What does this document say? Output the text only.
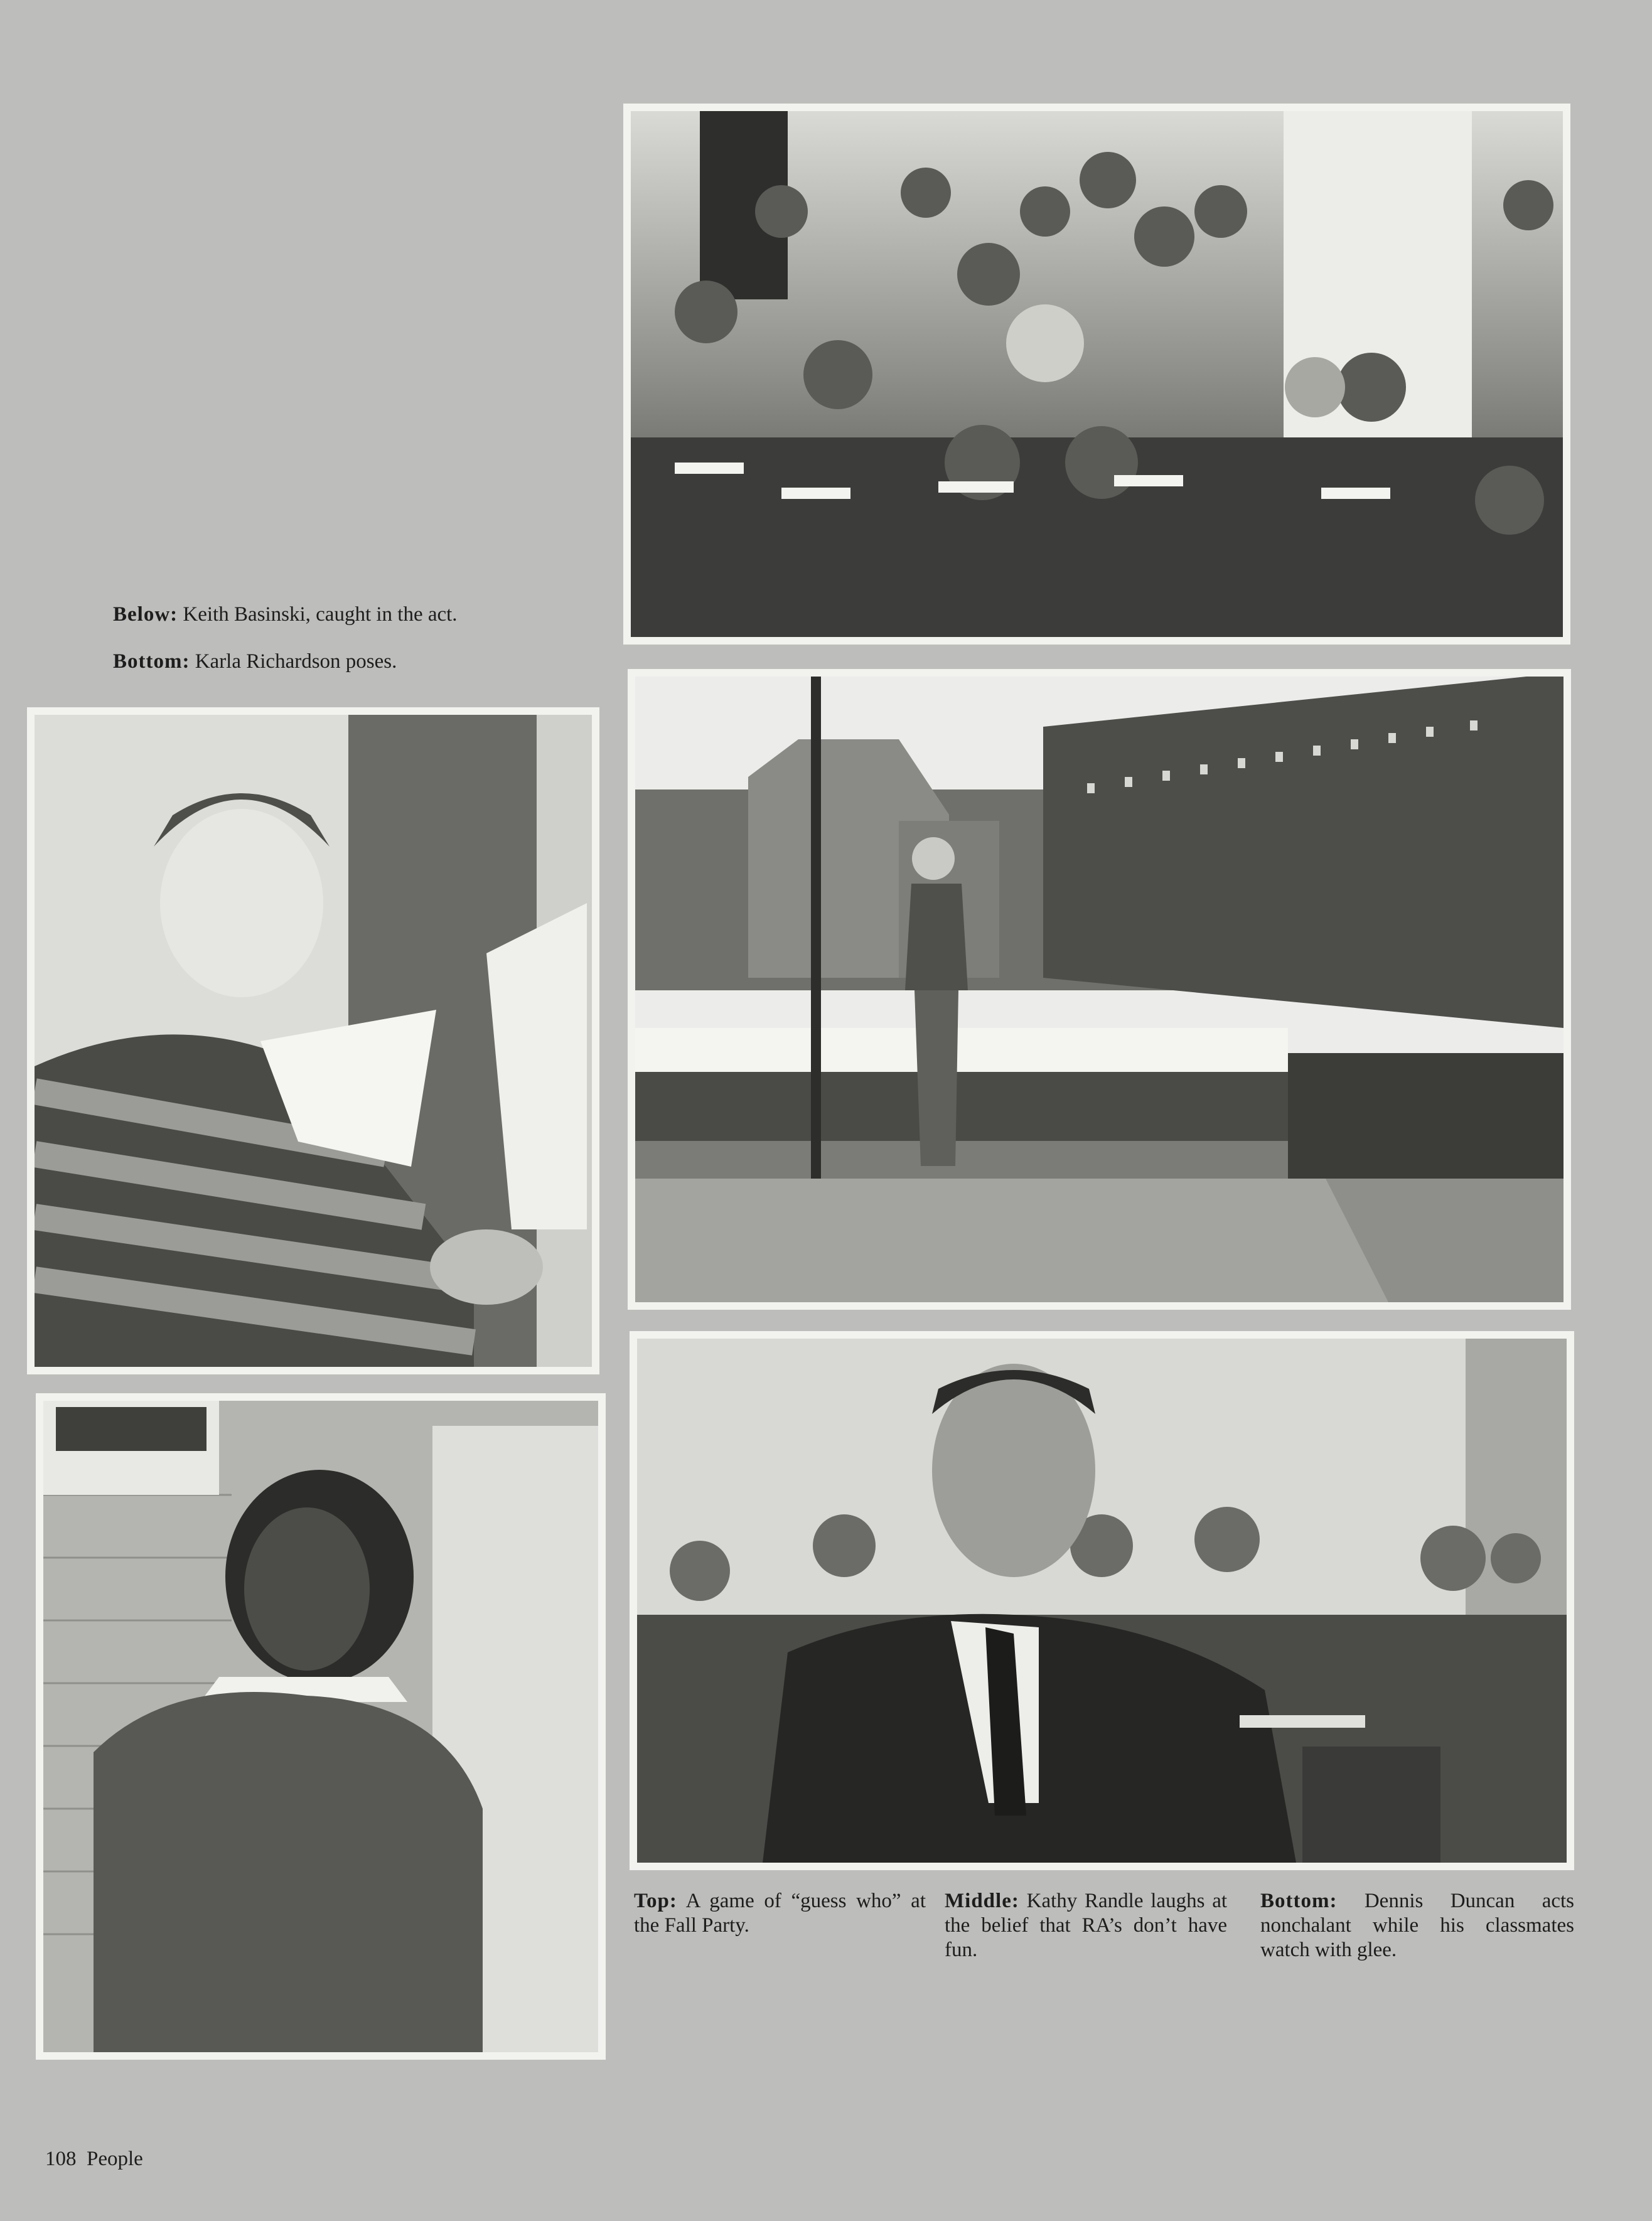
Below: Keith Basinski, caught in the act.
Bottom: Karla Richardson poses.
Top: A game of “guess who” at the Fall Party.
Middle: Kathy Randle laughs at the belief that RA’s don’t have fun.
Bottom: Dennis Duncan acts nonchalant while his classmates watch with glee.
108 People
